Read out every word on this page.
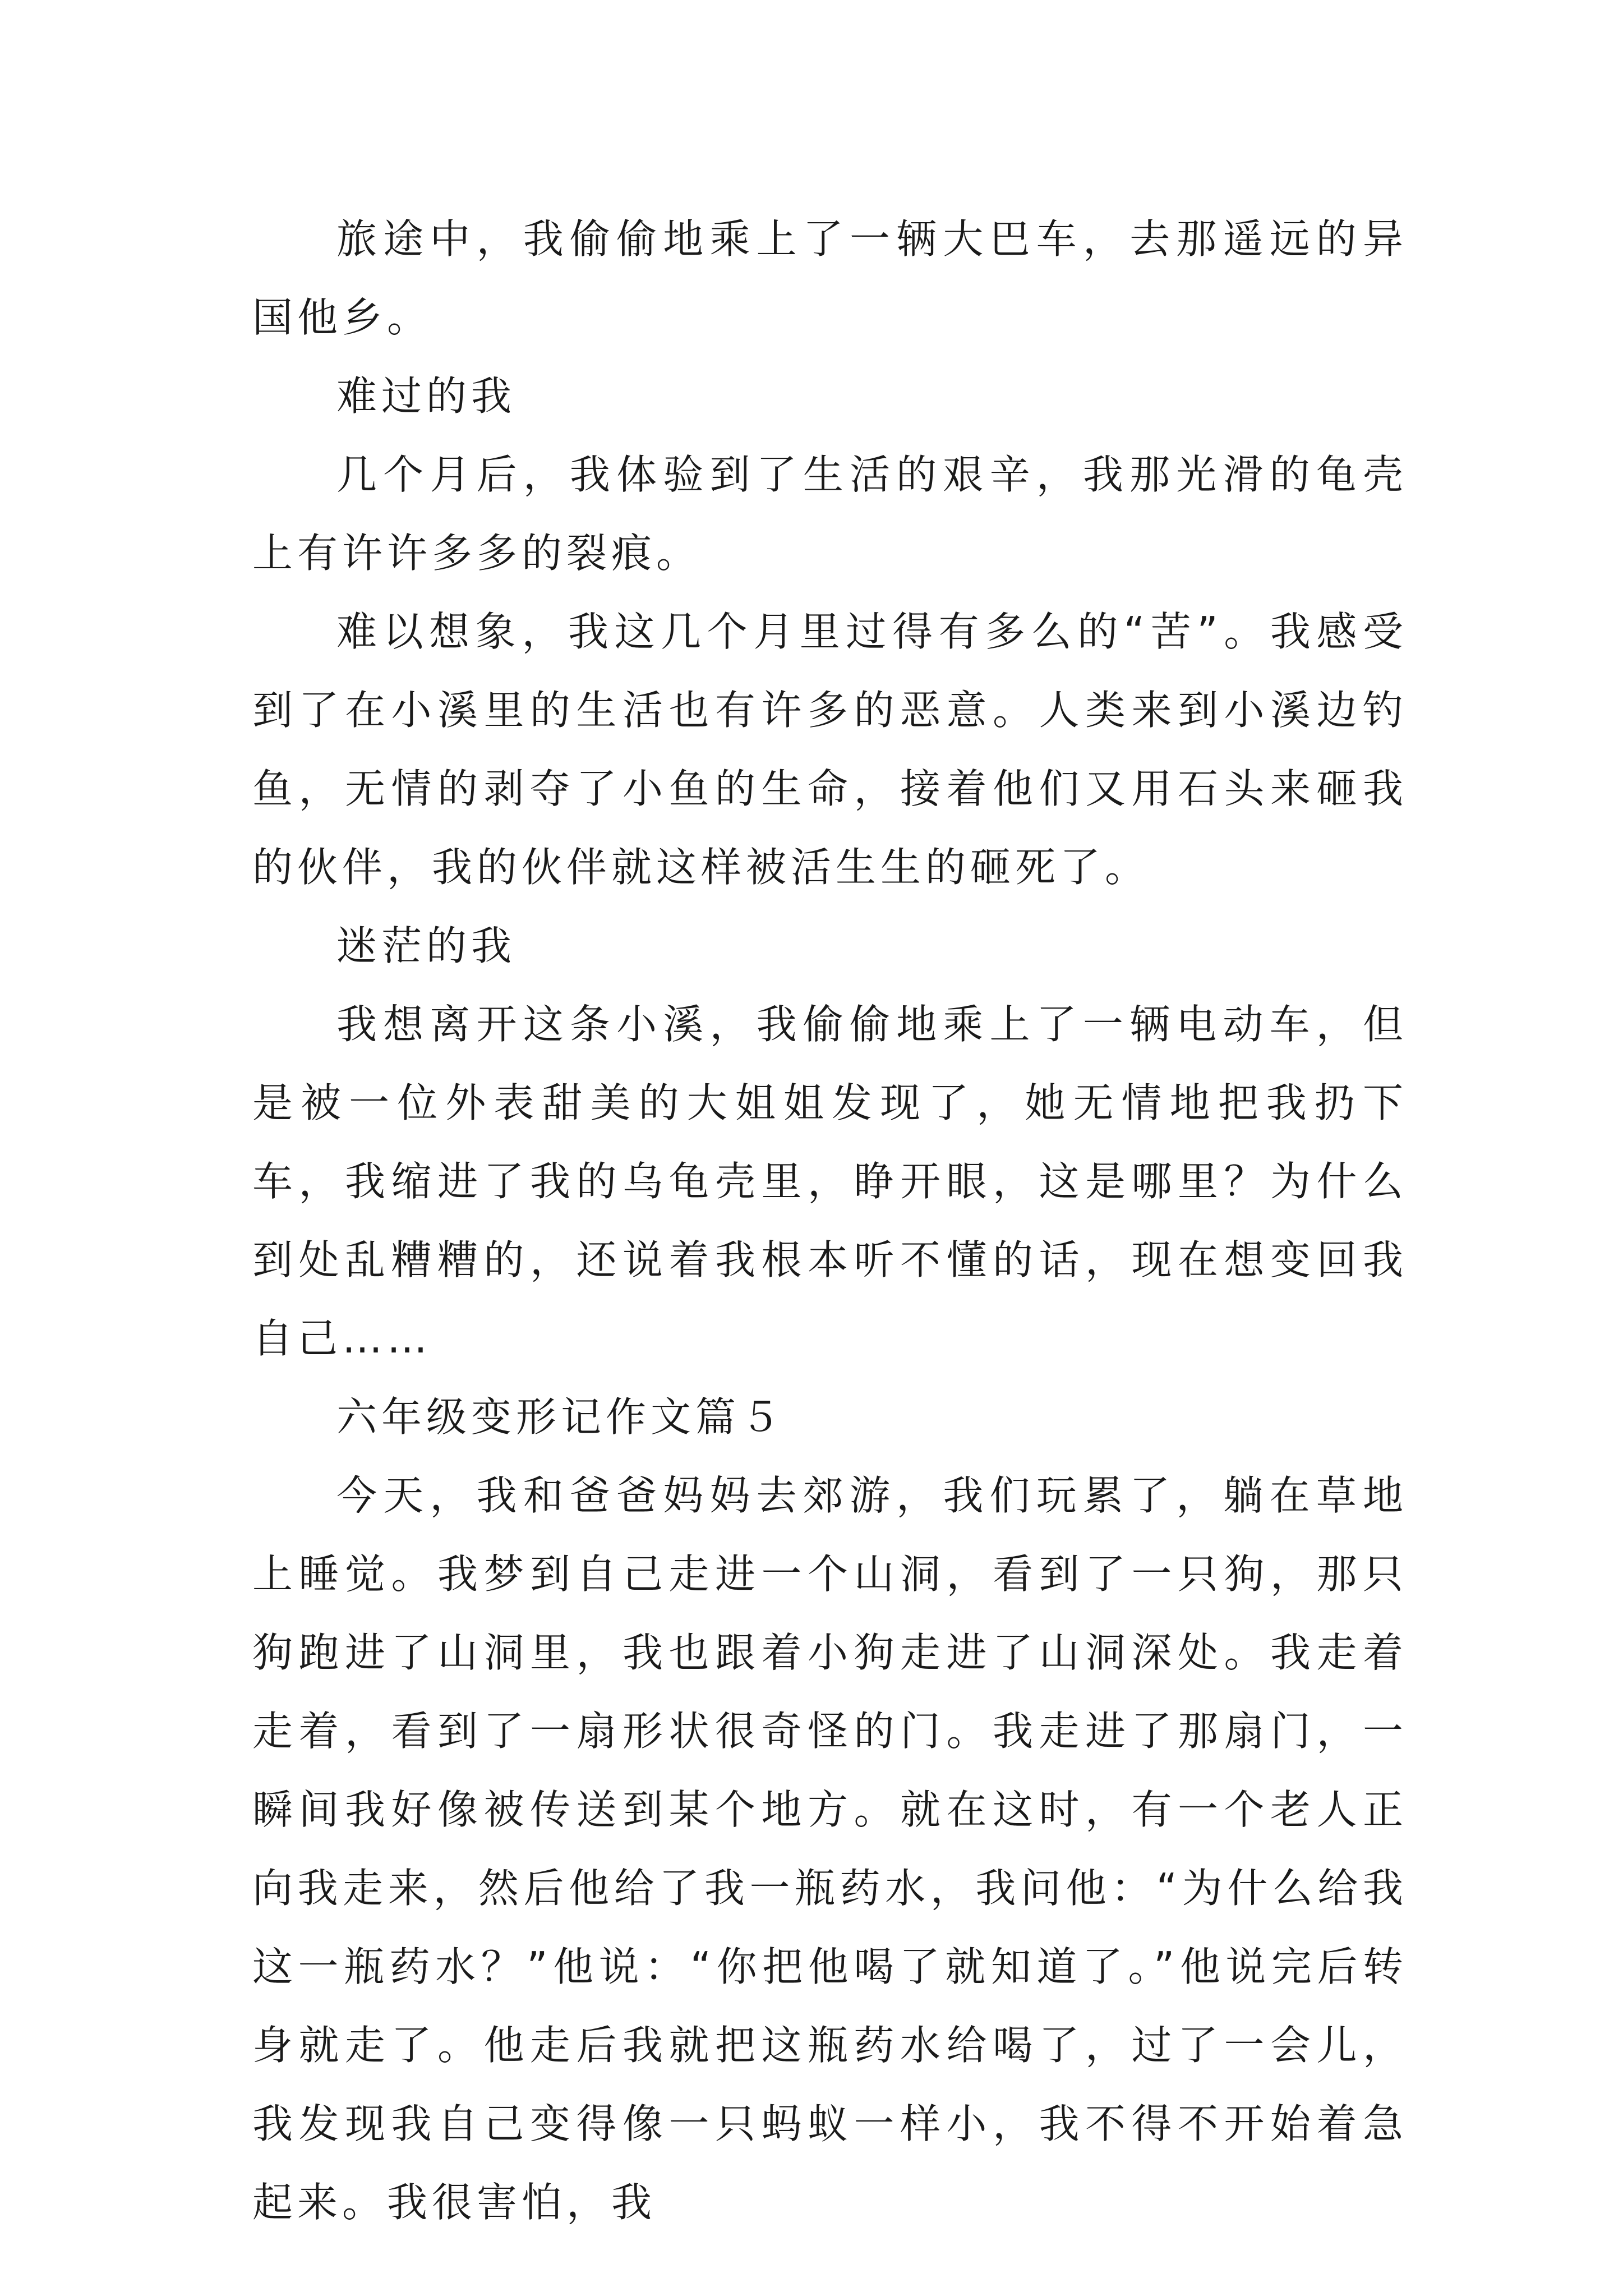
旅途中，我偷偷地乘上了一辆大巴车，去那遥远的异国他乡。

难过的我

几个月后，我体验到了生活的艰辛，我那光滑的龟壳上有许许多多的裂痕。

难以想象，我这几个月里过得有多么的“苦”。我感受到了在小溪里的生活也有许多的恶意。人类来到小溪边钓鱼，无情的剥夺了小鱼的生命，接着他们又用石头来砸我的伙伴，我的伙伴就这样被活生生的砸死了。

迷茫的我

我想离开这条小溪，我偷偷地乘上了一辆电动车，但是被一位外表甜美的大姐姐发现了，她无情地把我扔下车，我缩进了我的乌龟壳里，睁开眼，这是哪里？为什么到处乱糟糟的，还说着我根本听不懂的话，现在想变回我自己……

六年级变形记作文篇５

今天，我和爸爸妈妈去郊游，我们玩累了，躺在草地上睡觉。我梦到自己走进一个山洞，看到了一只狗，那只狗跑进了山洞里，我也跟着小狗走进了山洞深处。我走着走着，看到了一扇形状很奇怪的门。我走进了那扇门，一瞬间我好像被传送到某个地方。就在这时，有一个老人正向我走来，然后他给了我一瓶药水，我问他：“为什么给我这一瓶药水？”他说：“你把他喝了就知道了。”他说完后转身就走了。他走后我就把这瓶药水给喝了，过了一会儿，我发现我自己变得像一只蚂蚁一样小，我不得不开始着急起来。我很害怕，我
